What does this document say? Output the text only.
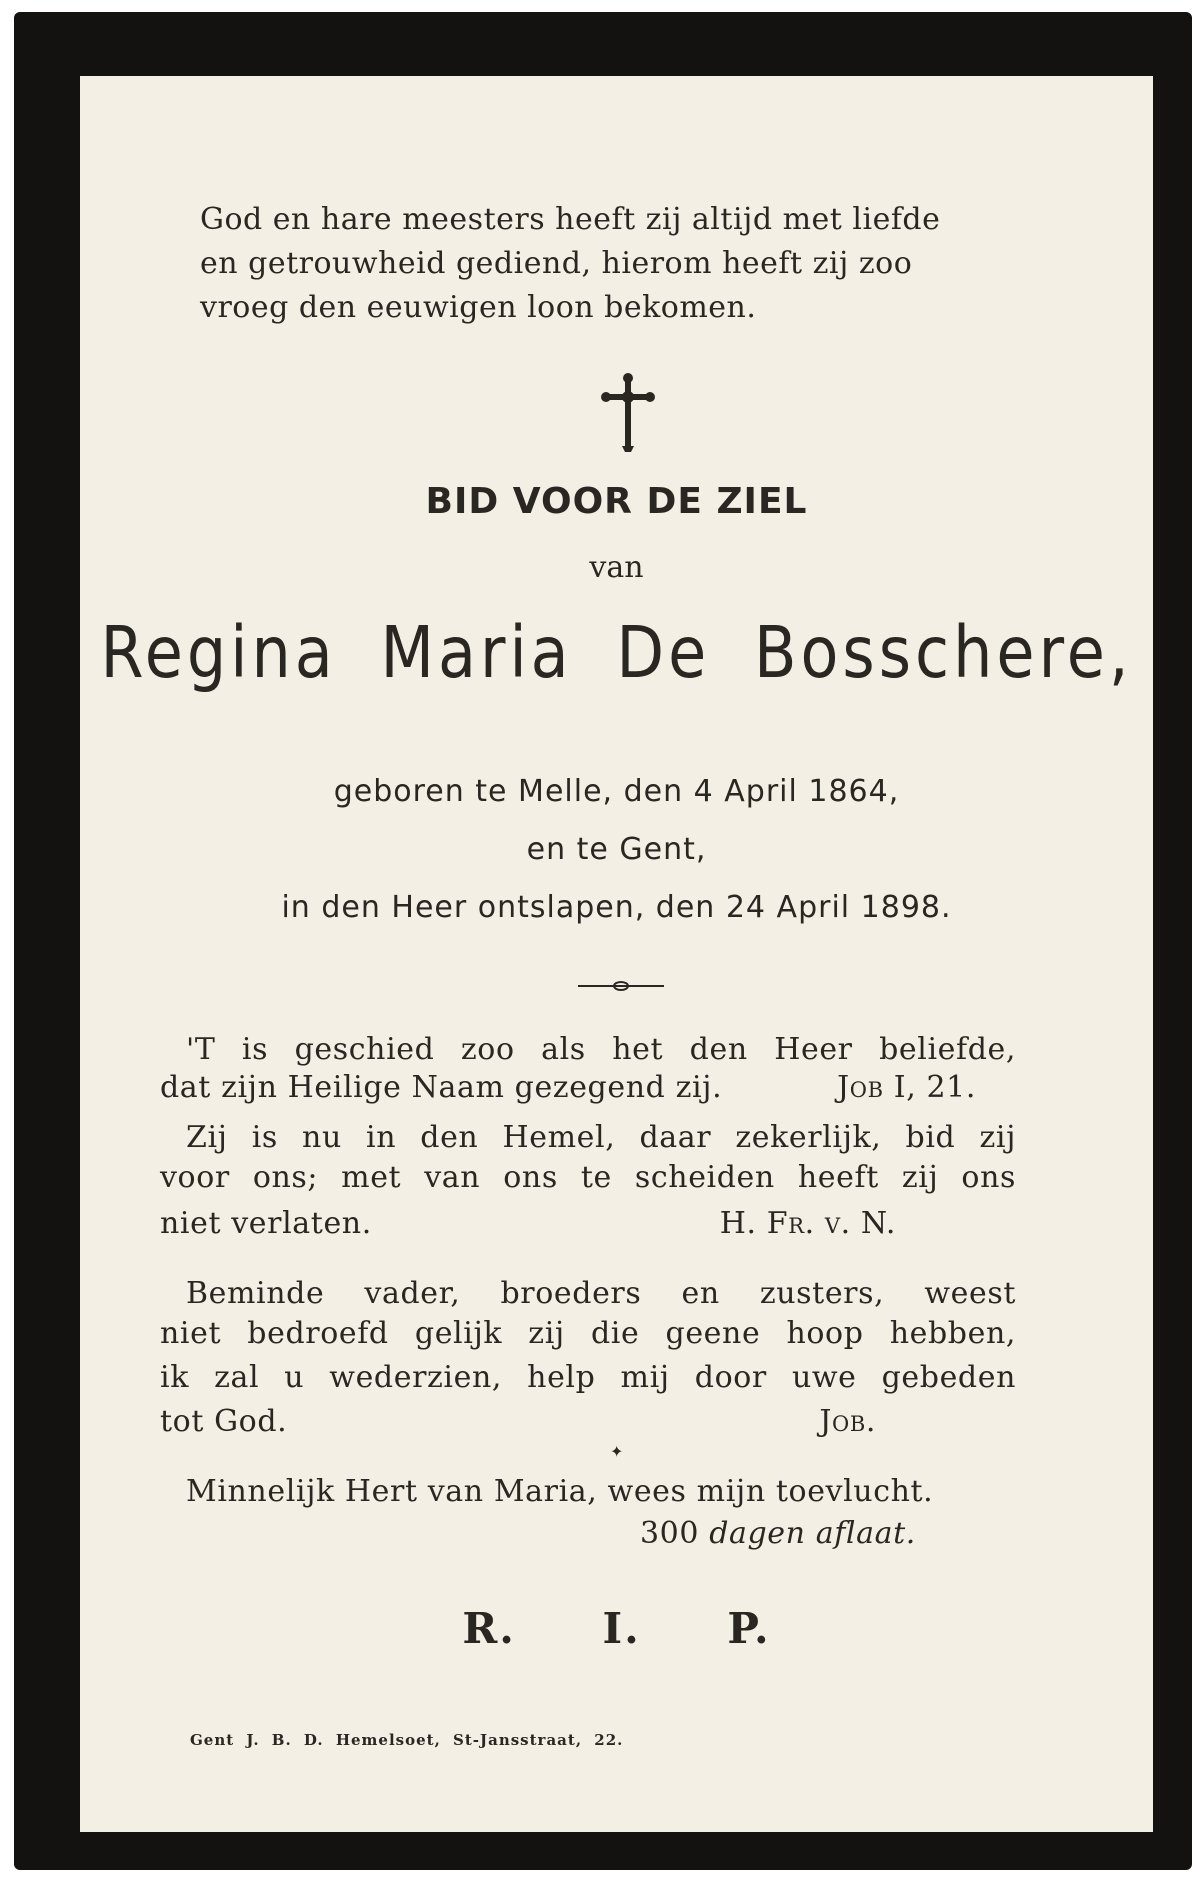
God en hare meesters heeft zij altijd met liefde
en getrouwheid gediend, hierom heeft zij zoo
vroeg den eeuwigen loon bekomen.
BID VOOR DE ZIEL
van
Regina Maria De Bosschere,
geboren te Melle, den 4 April 1864,
en te Gent,
in den Heer ontslapen, den 24 April 1898.
'T is geschied zoo als het den Heer beliefde,
dat zijn Heilige Naam gezegend zij.	Job I, 21.
Zij is nu in den Hemel, daar zekerlijk, bid zij
voor ons; met van ons te scheiden heeft zij ons
niet verlaten.	H. Fr. v. N.
Beminde vader, broeders en zusters, weest
niet bedroefd gelijk zij die geene hoop hebben,
ik zal u wederzien, help mij door uwe gebeden
tot God.	Job.
✦
Minnelijk Hert van Maria, wees mijn toevlucht.
300 dagen aflaat.
R. I. P.
Gent J. B. D. Hemelsoet, St-Jansstraat, 22.
